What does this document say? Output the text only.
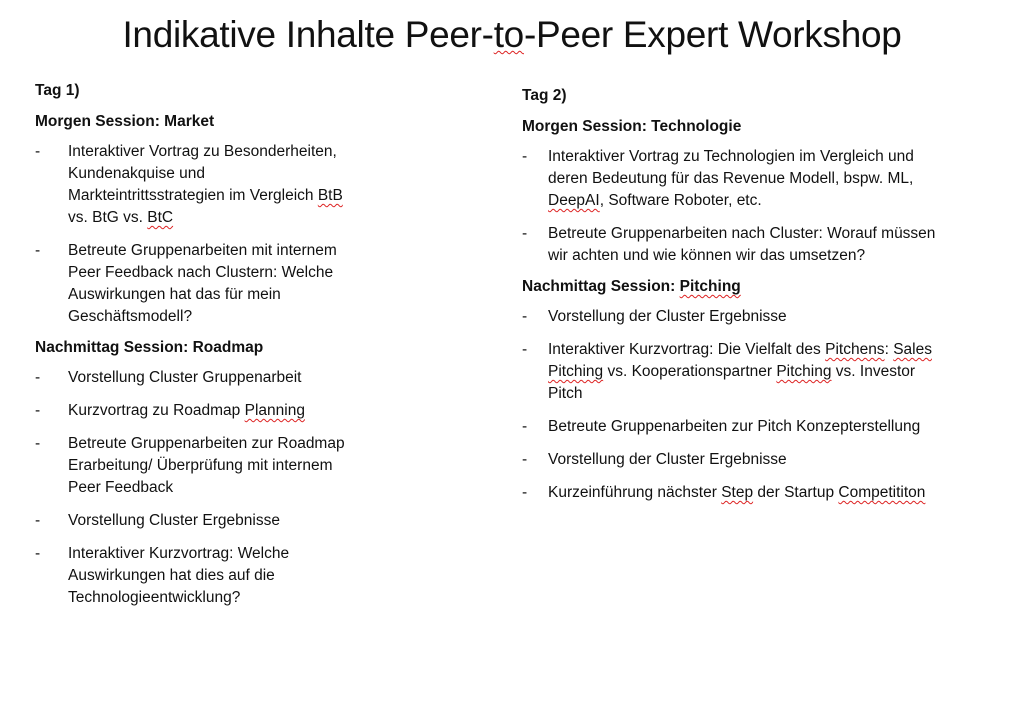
Indikative Inhalte Peer-to-Peer Expert Workshop
Tag 1)
Morgen Session: Market
- Interaktiver Vortrag zu Besonderheiten, Kundenakquise und Markteintrittsstrategien im Vergleich BtB vs. BtG vs. BtC
- Betreute Gruppenarbeiten mit internem Peer Feedback nach Clustern: Welche Auswirkungen hat das für mein Geschäftsmodell?
Nachmittag Session: Roadmap
- Vorstellung Cluster Gruppenarbeit
- Kurzvortrag zu Roadmap Planning
- Betreute Gruppenarbeiten zur Roadmap Erarbeitung/ Überprüfung mit internem Peer Feedback
- Vorstellung Cluster Ergebnisse
- Interaktiver Kurzvortrag: Welche Auswirkungen hat dies auf die Technologieentwicklung?
Tag 2)
Morgen Session: Technologie
- Interaktiver Vortrag zu Technologien im Vergleich und deren Bedeutung für das Revenue Modell, bspw. ML, DeepAI, Software Roboter, etc.
- Betreute Gruppenarbeiten nach Cluster: Worauf müssen wir achten und wie können wir das umsetzen?
Nachmittag Session: Pitching
- Vorstellung der Cluster Ergebnisse
- Interaktiver Kurzvortrag: Die Vielfalt des Pitchens: Sales Pitching vs. Kooperationspartner Pitching vs. Investor Pitch
- Betreute Gruppenarbeiten zur Pitch Konzepterstellung
- Vorstellung der Cluster Ergebnisse
- Kurzeinführung nächster Step der Startup Competititon
